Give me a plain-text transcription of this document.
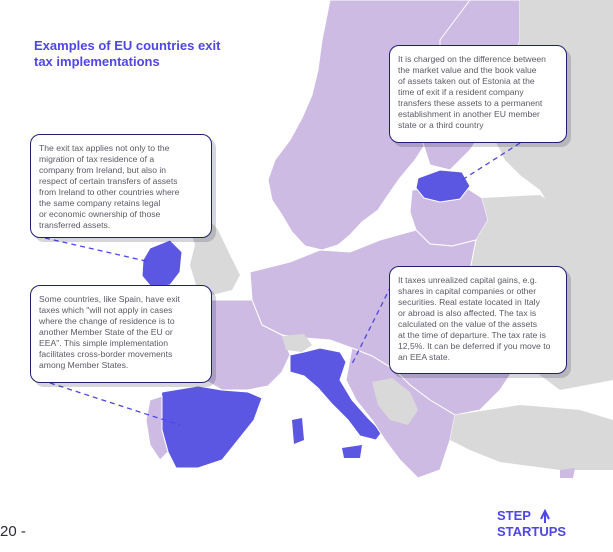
Examples of EU countries exit
tax implementations	It is charged on the difference between
the market value and the book value
of assets taken out of Estonia at the
time of exit if a resident company
transfers these assets to a permanent
establishment in another EU member
state or a third country
The exit tax applies not only to the
migration of tax residence of a
company from Ireland, but also in
respect of certain transfers of assets
from Ireland to other countries where
the same company retains legal
or economic ownership of those
transferred assets.
Some countries, like Spain, have exit
taxes which "will not apply in cases
where the change of residence is to
another Member State of the EU or
EEA". This simple implementation
facilitates cross-border movements
among Member States.
It taxes unrealized capital gains, e.g.
shares in capital companies or other
securities. Real estate located in Italy
or abroad is also affected. The tax is
calculated on the value of the assets
at the time of departure. The tax rate is
12,5%. It can be deferred if you move to
an EEA state.
20 -
STEP
STARTUPS
